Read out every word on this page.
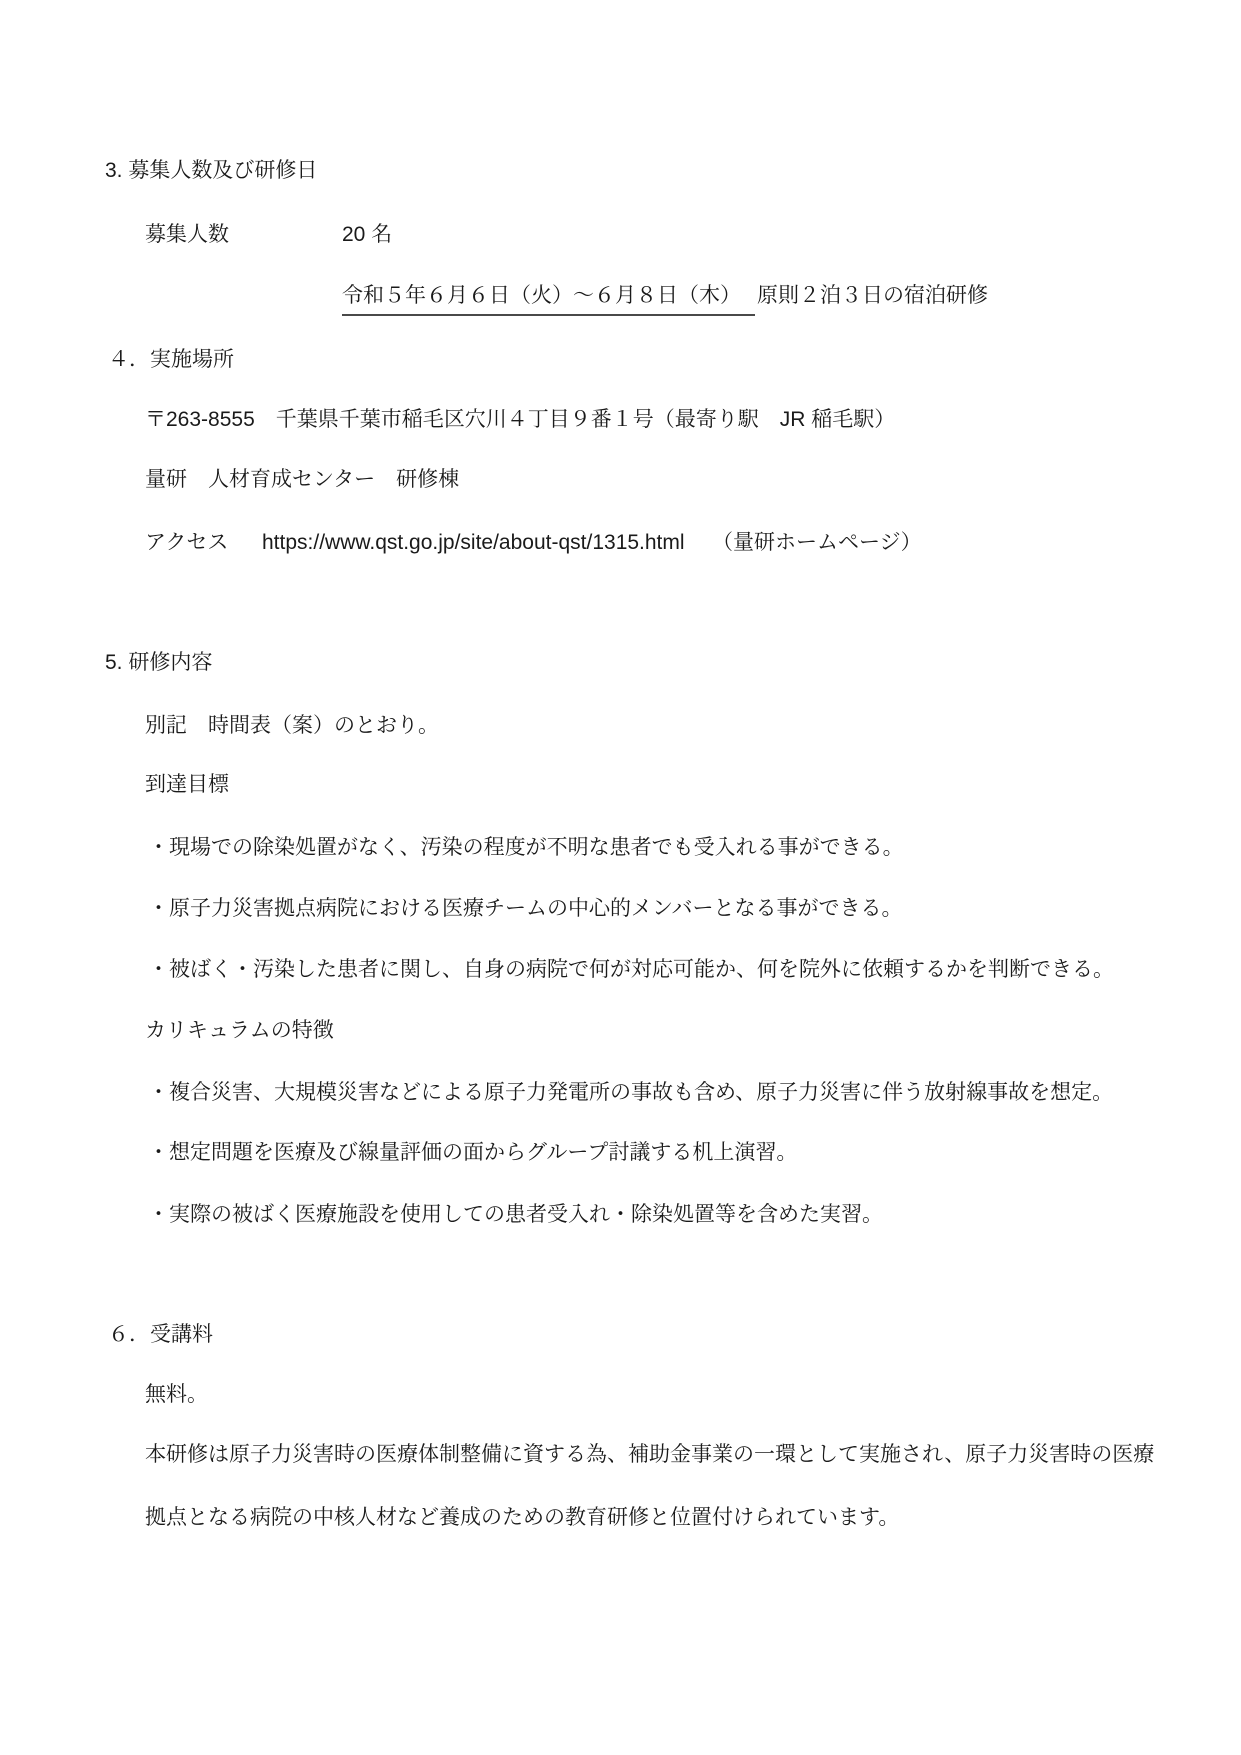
3. 募集人数及び研修日
募集人数	20 名
令和５年６月６日（火）～６月８日（木） 原則２泊３日の宿泊研修
４．実施場所
〒263-8555　千葉県千葉市稲毛区穴川４丁目９番１号（最寄り駅　JR 稲毛駅）
量研　人材育成センター　研修棟
アクセス https://www.qst.go.jp/site/about-qst/1315.html （量研ホームページ）
5. 研修内容
別記　時間表（案）のとおり。
到達目標
・現場での除染処置がなく、汚染の程度が不明な患者でも受入れる事ができる。
・原子力災害拠点病院における医療チームの中心的メンバーとなる事ができる。
・被ばく・汚染した患者に関し、自身の病院で何が対応可能か、何を院外に依頼するかを判断できる。
カリキュラムの特徴
・複合災害、大規模災害などによる原子力発電所の事故も含め、原子力災害に伴う放射線事故を想定。
・想定問題を医療及び線量評価の面からグループ討議する机上演習。
・実際の被ばく医療施設を使用しての患者受入れ・除染処置等を含めた実習。
６．受講料
無料。
本研修は原子力災害時の医療体制整備に資する為、補助金事業の一環として実施され、原子力災害時の医療
拠点となる病院の中核人材など養成のための教育研修と位置付けられています。
